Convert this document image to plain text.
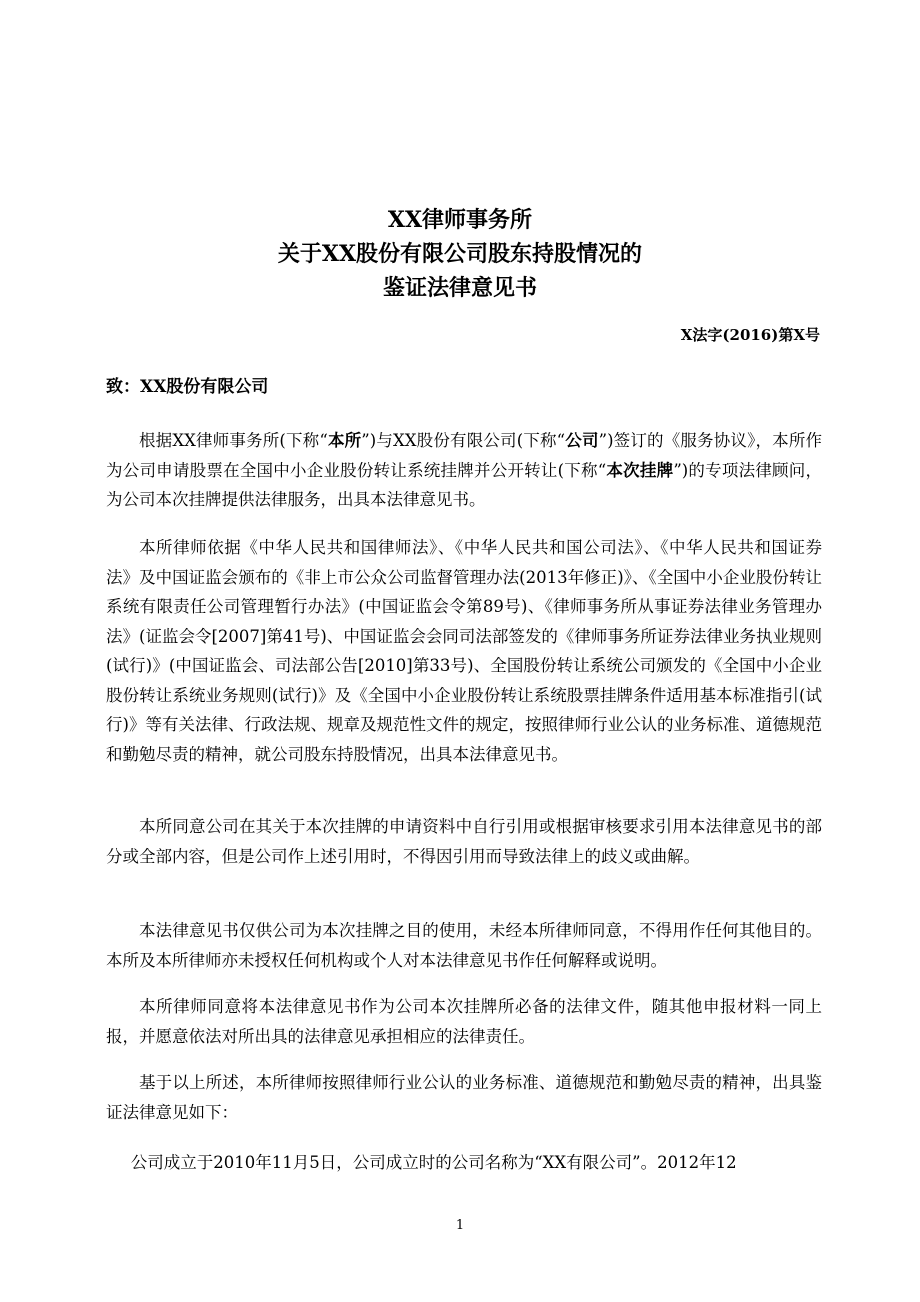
XX律师事务所
关于XX股份有限公司股东持股情况的
鉴证法律意见书
X法字(2016)第X号
致：XX股份有限公司

根据XX律师事务所(下称“本所”)与XX股份有限公司(下称“公司”)签订的《服务协议》，本所作为公司申请股票在全国中小企业股份转让系统挂牌并公开转让(下称“本次挂牌”)的专项法律顾问，为公司本次挂牌提供法律服务，出具本法律意见书。

本所律师依据《中华人民共和国律师法》、《中华人民共和国公司法》、《中华人民共和国证券法》及中国证监会颁布的《非上市公众公司监督管理办法(2013年修正)》、《全国中小企业股份转让系统有限责任公司管理暂行办法》(中国证监会令第89号)、《律师事务所从事证券法律业务管理办法》(证监会令[2007]第41号)、中国证监会会同司法部签发的《律师事务所证券法律业务执业规则(试行)》(中国证监会、司法部公告[2010]第33号)、全国股份转让系统公司颁发的《全国中小企业股份转让系统业务规则(试行)》及《全国中小企业股份转让系统股票挂牌条件适用基本标准指引(试行)》等有关法律、行政法规、规章及规范性文件的规定，按照律师行业公认的业务标准、道德规范和勤勉尽责的精神，就公司股东持股情况，出具本法律意见书。

本所同意公司在其关于本次挂牌的申请资料中自行引用或根据审核要求引用本法律意见书的部分或全部内容，但是公司作上述引用时，不得因引用而导致法律上的歧义或曲解。

本法律意见书仅供公司为本次挂牌之目的使用，未经本所律师同意，不得用作任何其他目的。本所及本所律师亦未授权任何机构或个人对本法律意见书作任何解释或说明。

本所律师同意将本法律意见书作为公司本次挂牌所必备的法律文件，随其他申报材料一同上报，并愿意依法对所出具的法律意见承担相应的法律责任。

基于以上所述，本所律师按照律师行业公认的业务标准、道德规范和勤勉尽责的精神，出具鉴证法律意见如下：

公司成立于2010年11月5日，公司成立时的公司名称为“XX有限公司”。2012年12

1
